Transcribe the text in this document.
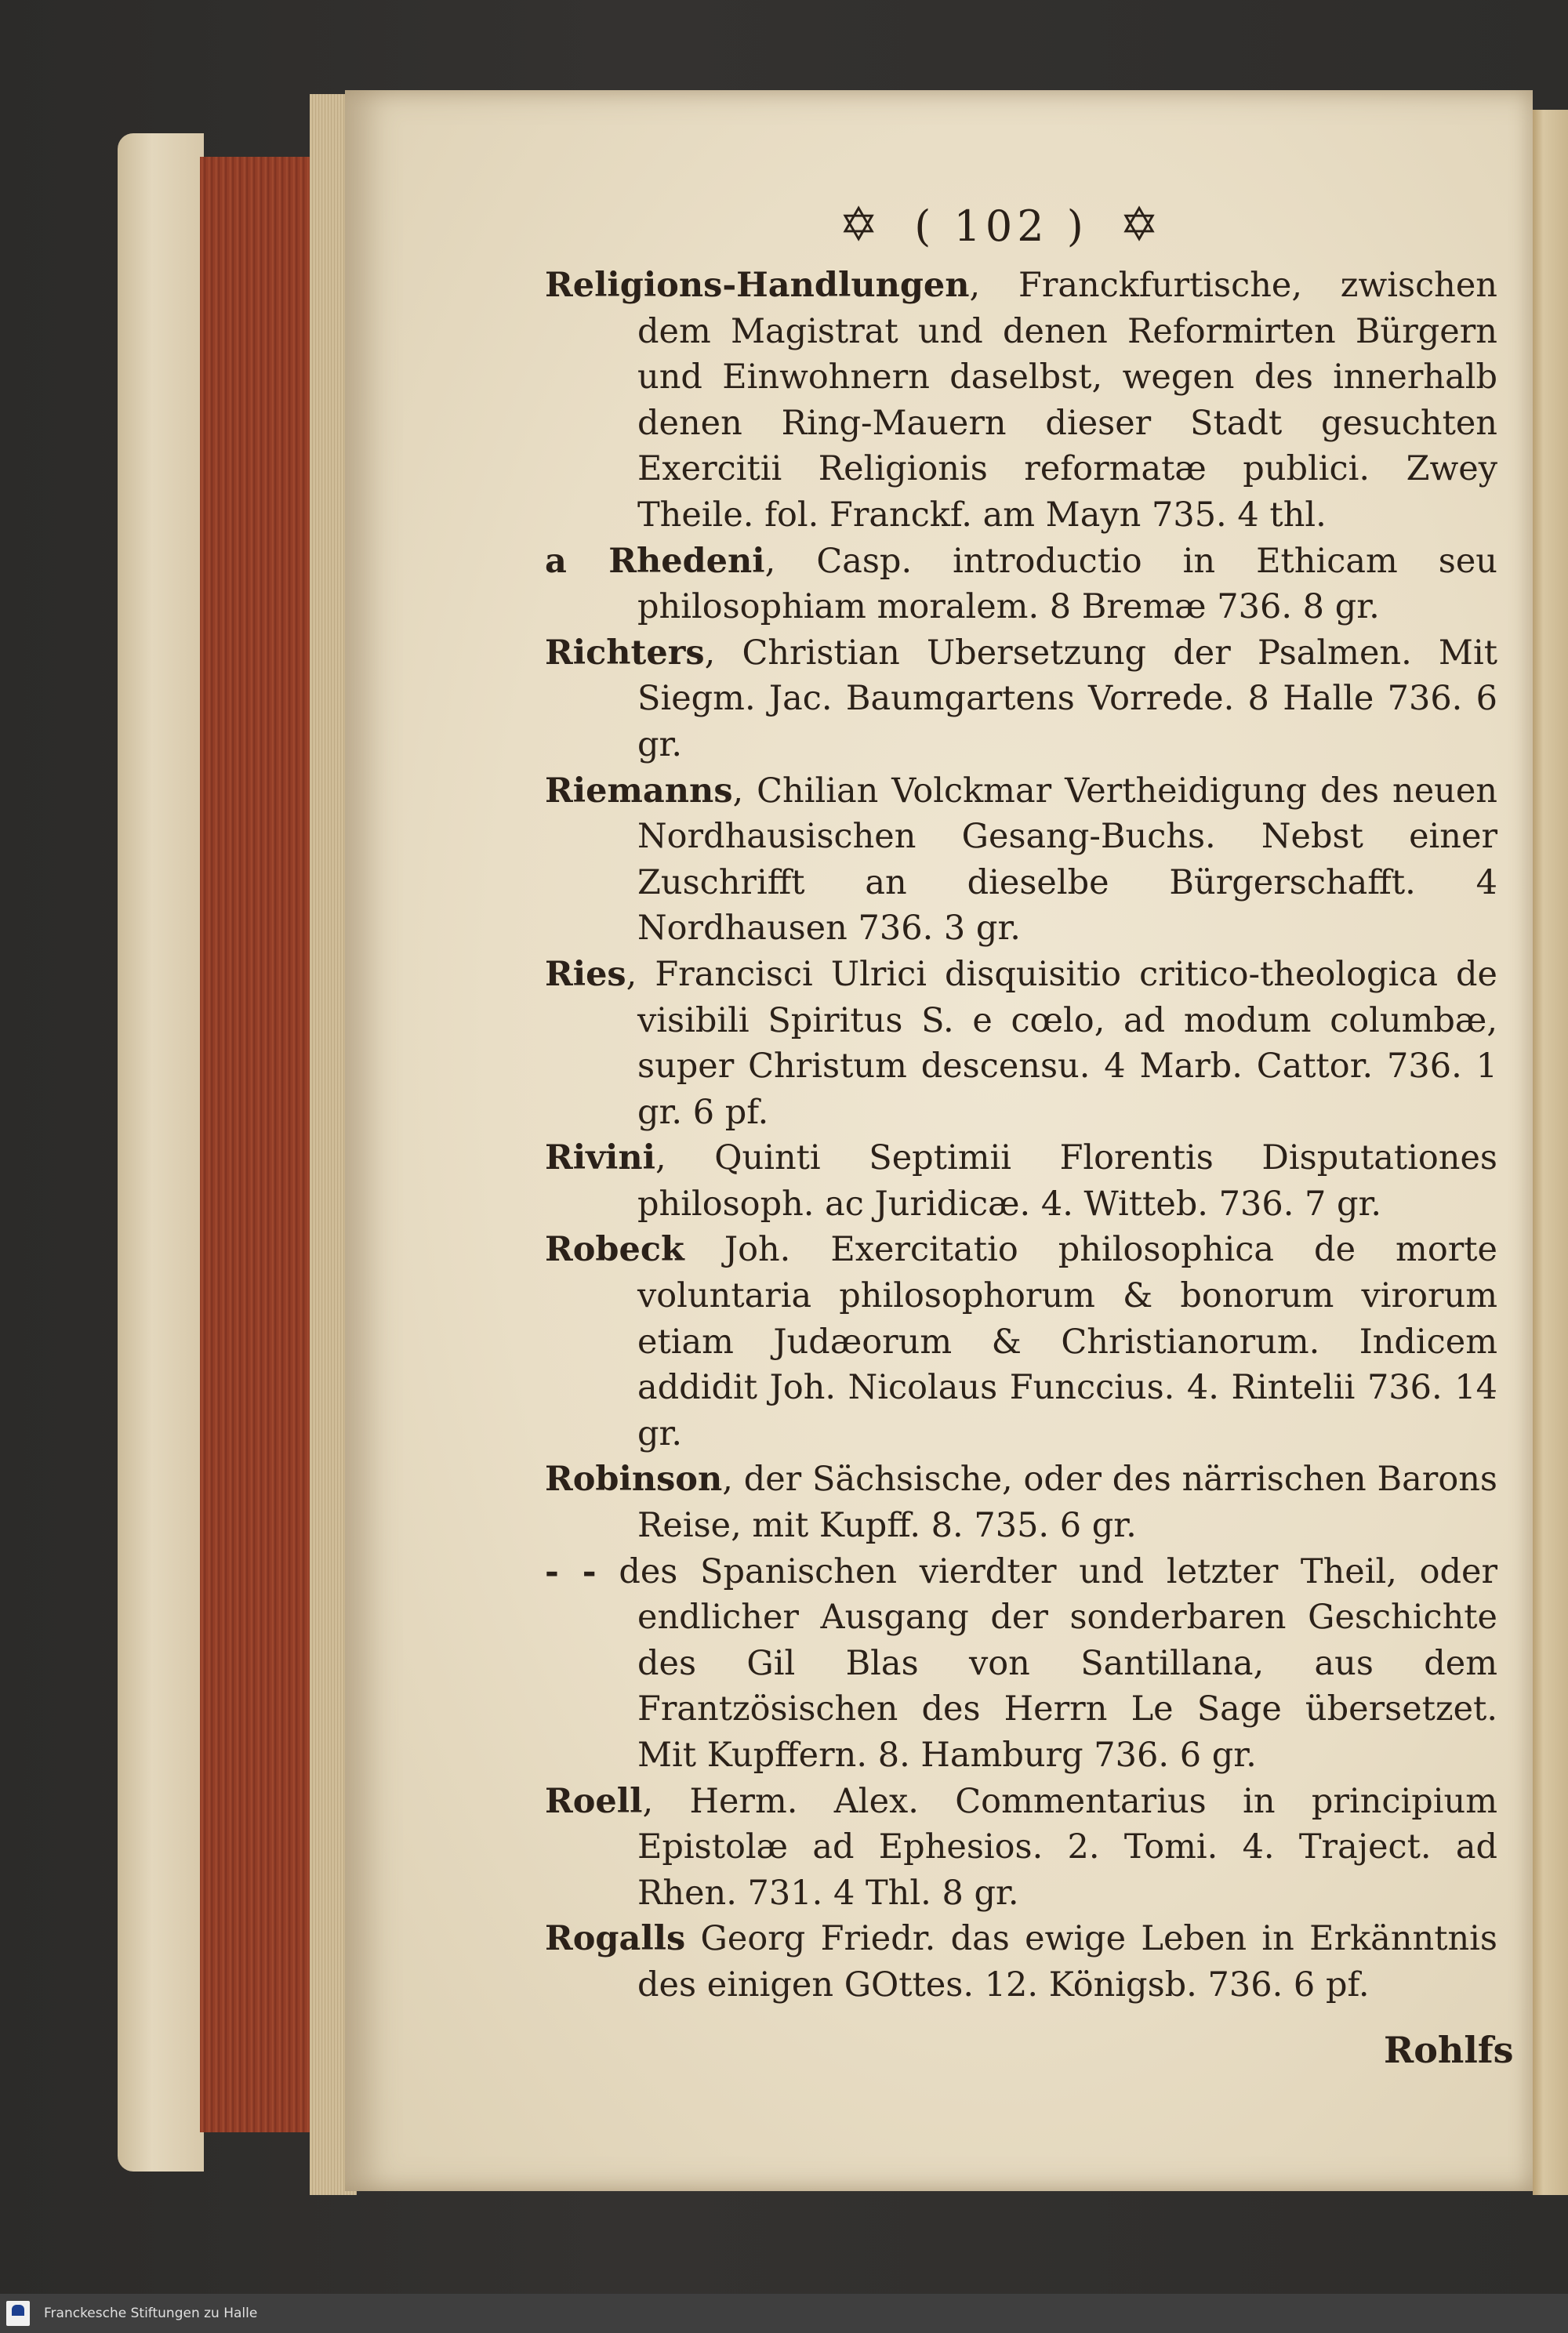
✡ ( 102 ) ✡

Religions-Handlungen, Franckfurtische, zwischen dem Magistrat und denen Reformirten Bürgern und Einwohnern daselbst, wegen des innerhalb denen Ring-Mauern dieser Stadt gesuchten Exercitii Religionis reformatæ publici. Zwey Theile. fol. Franckf. am Mayn 735. 4 thl.

a Rhedeni, Casp. introductio in Ethicam seu philosophiam moralem. 8 Bremæ 736. 8 gr.

Richters, Christian Ubersetzung der Psalmen. Mit Siegm. Jac. Baumgartens Vorrede. 8 Halle 736. 6 gr.

Riemanns, Chilian Volckmar Vertheidigung des neuen Nordhausischen Gesang-Buchs. Nebst einer Zuschrifft an dieselbe Bürgerschafft. 4 Nordhausen 736. 3 gr.

Ries, Francisci Ulrici disquisitio critico-theologica de visibili Spiritus S. e cœlo, ad modum columbæ, super Christum descensu. 4 Marb. Cattor. 736. 1 gr. 6 pf.

Rivini, Quinti Septimii Florentis Disputationes philosoph. ac Juridicæ. 4. Witteb. 736. 7 gr.

Robeck Joh. Exercitatio philosophica de morte voluntaria philosophorum & bonorum virorum etiam Judæorum & Christianorum. Indicem addidit Joh. Nicolaus Funccius. 4. Rintelii 736. 14 gr.

Robinson, der Sächsische, oder des närrischen Barons Reise, mit Kupff. 8. 735. 6 gr.

- - des Spanischen vierdter und letzter Theil, oder endlicher Ausgang der sonderbaren Geschichte des Gil Blas von Santillana, aus dem Frantzösischen des Herrn Le Sage übersetzet. Mit Kupffern. 8. Hamburg 736. 6 gr.

Roell, Herm. Alex. Commentarius in principium Epistolæ ad Ephesios. 2. Tomi. 4. Traject. ad Rhen. 731. 4 Thl. 8 gr.

Rogalls Georg Friedr. das ewige Leben in Erkänntnis des einigen GOttes. 12. Königsb. 736. 6 pf.

Rohlfs
Franckesche Stiftungen zu Halle
